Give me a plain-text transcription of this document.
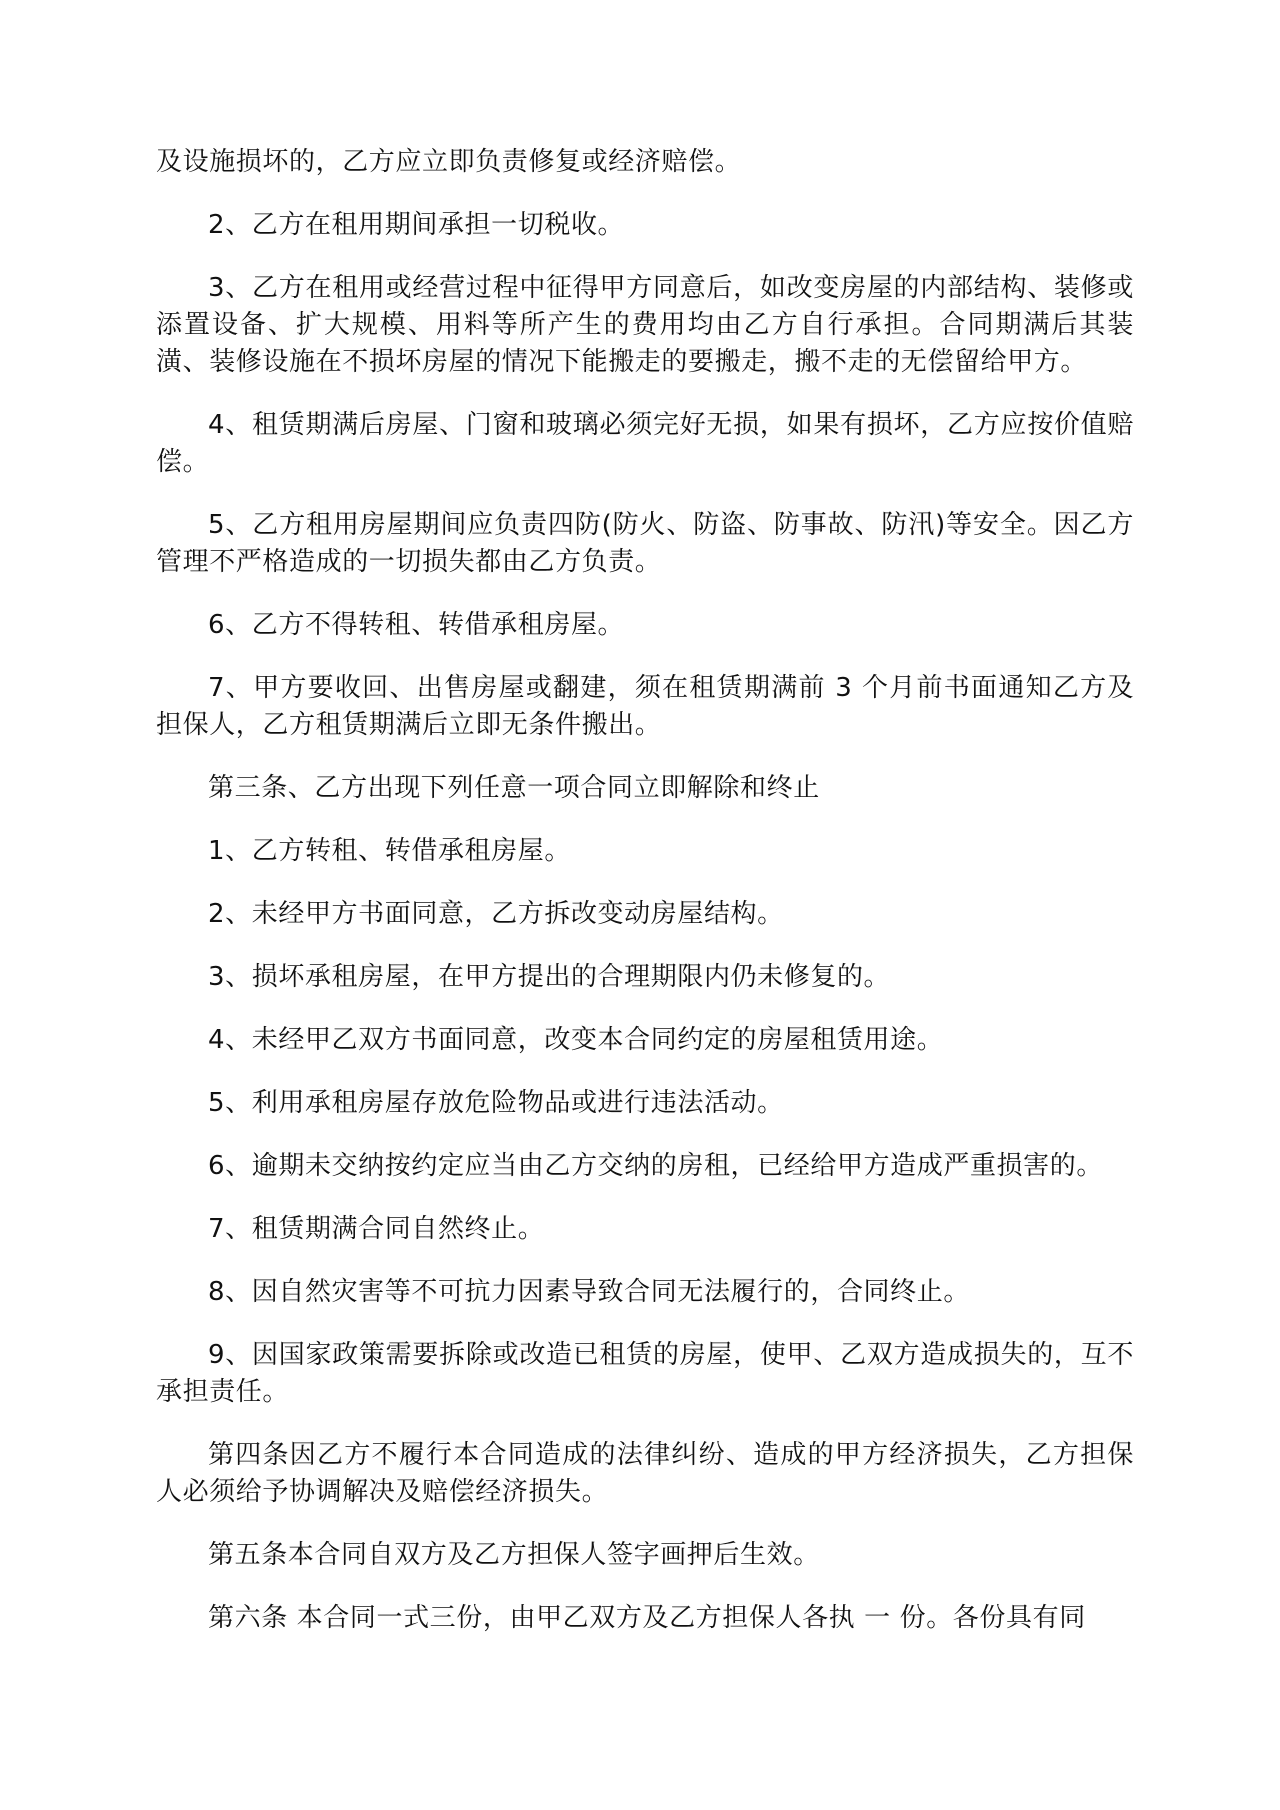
及设施损坏的，乙方应立即负责修复或经济赔偿。

2、乙方在租用期间承担一切税收。

3、乙方在租用或经营过程中征得甲方同意后，如改变房屋的内部结构、装修或添置设备、扩大规模、用料等所产生的费用均由乙方自行承担。合同期满后其装潢、装修设施在不损坏房屋的情况下能搬走的要搬走，搬不走的无偿留给甲方。

4、租赁期满后房屋、门窗和玻璃必须完好无损，如果有损坏，乙方应按价值赔偿。

5、乙方租用房屋期间应负责四防(防火、防盗、防事故、防汛)等安全。因乙方管理不严格造成的一切损失都由乙方负责。

6、乙方不得转租、转借承租房屋。

7、甲方要收回、出售房屋或翻建，须在租赁期满前 3 个月前书面通知乙方及担保人，乙方租赁期满后立即无条件搬出。

第三条、乙方出现下列任意一项合同立即解除和终止

1、乙方转租、转借承租房屋。

2、未经甲方书面同意，乙方拆改变动房屋结构。

3、损坏承租房屋，在甲方提出的合理期限内仍未修复的。

4、未经甲乙双方书面同意，改变本合同约定的房屋租赁用途。

5、利用承租房屋存放危险物品或进行违法活动。

6、逾期未交纳按约定应当由乙方交纳的房租，已经给甲方造成严重损害的。

7、租赁期满合同自然终止。

8、因自然灾害等不可抗力因素导致合同无法履行的，合同终止。

9、因国家政策需要拆除或改造已租赁的房屋，使甲、乙双方造成损失的，互不承担责任。

第四条因乙方不履行本合同造成的法律纠纷、造成的甲方经济损失，乙方担保人必须给予协调解决及赔偿经济损失。

第五条本合同自双方及乙方担保人签字画押后生效。

第六条 本合同一式三份，由甲乙双方及乙方担保人各执 一 份。各份具有同
